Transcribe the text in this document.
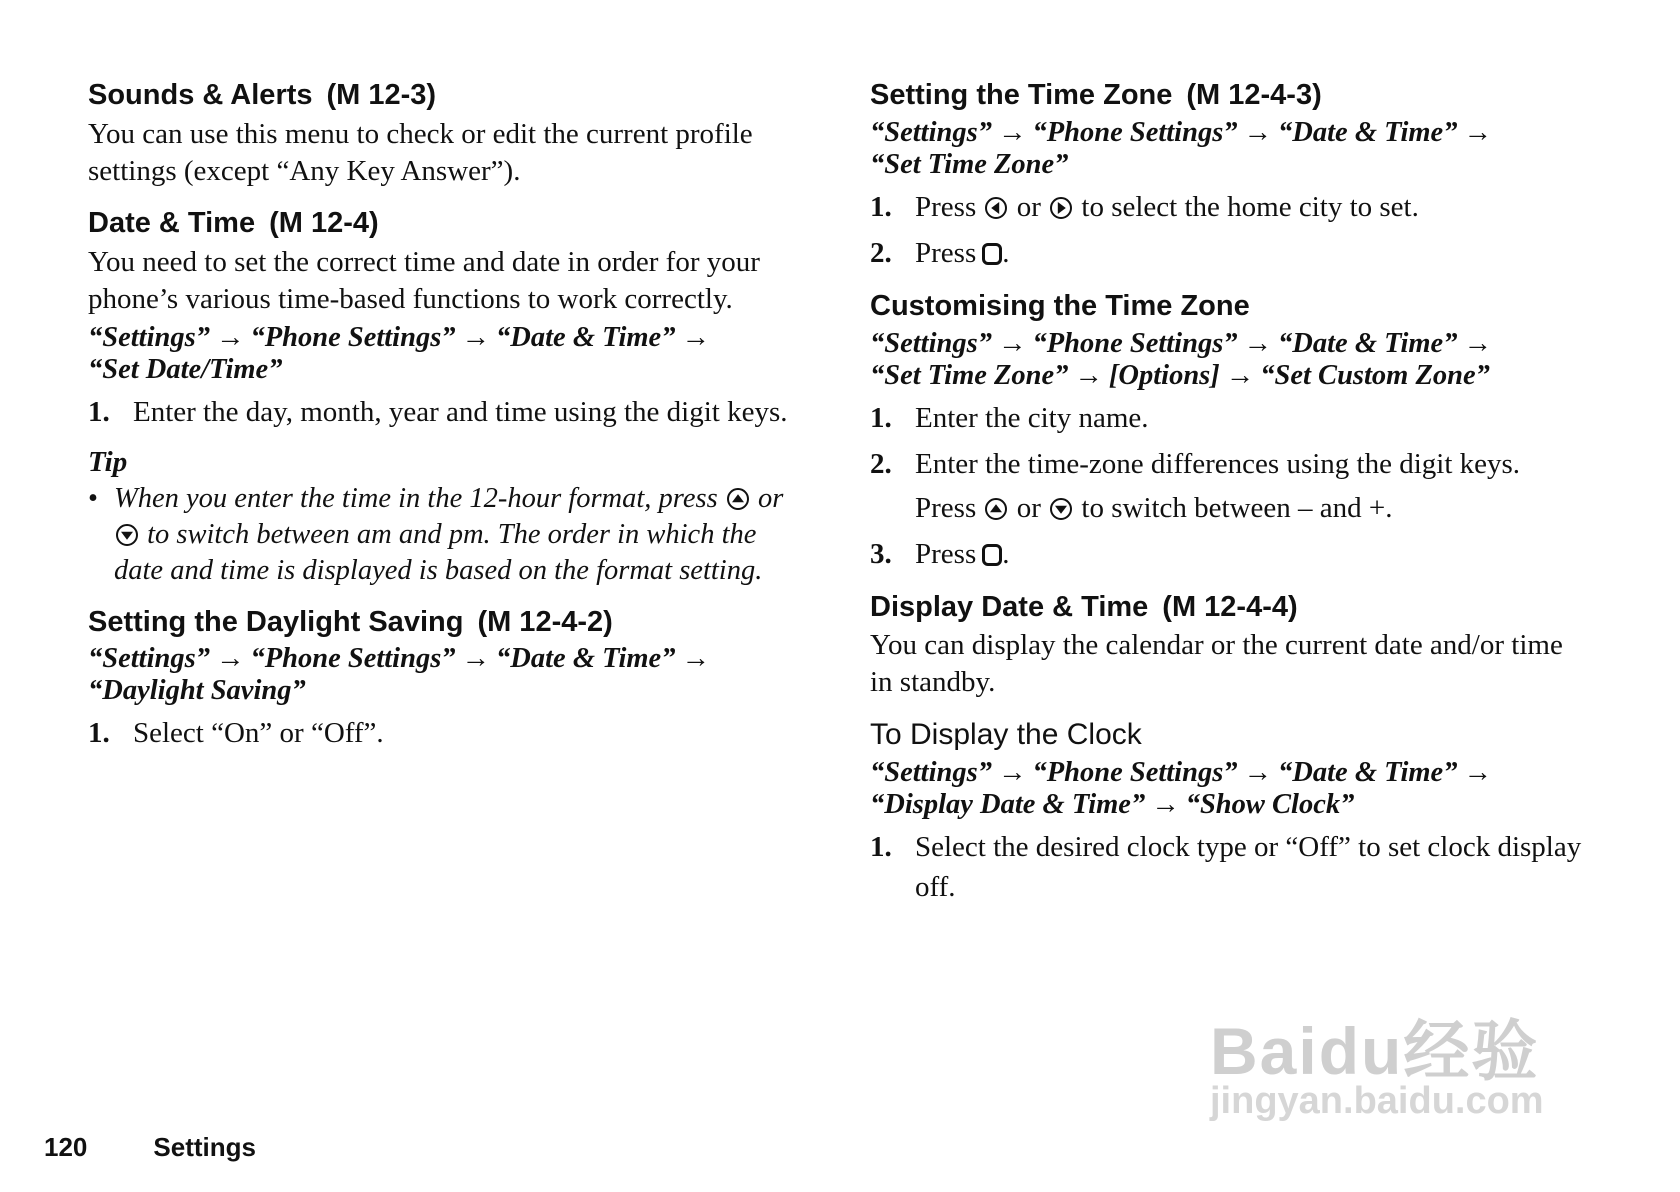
Sounds & Alerts (M 12-3)

You can use this menu to check or edit the current profile settings (except “Any Key Answer”).

Date & Time (M 12-4)

You need to set the correct time and date in order for your phone’s various time-based functions to work correctly.

“Settings” → “Phone Settings” → “Date & Time” →
“Set Date/Time”
1. Enter the day, month, year and time using the digit keys.
Tip
• When you enter the time in the 12-hour format, press or  to switch between am and pm. The order in which the date and time is displayed is based on the format setting.
Setting the Daylight Saving (M 12-4-2)
“Settings” → “Phone Settings” → “Date & Time” →
“Daylight Saving”
1. Select “On” or “Off”.
Setting the Time Zone (M 12-4-3)
“Settings” → “Phone Settings” → “Date & Time” →
“Set Time Zone”
1. Press or to select the home city to set.
2. Press .
Customising the Time Zone
“Settings” → “Phone Settings” → “Date & Time” →
“Set Time Zone” → [Options] → “Set Custom Zone”
1. Enter the city name.
2. Enter the time-zone differences using the digit keys.
Press or to switch between – and +.
3. Press .
Display Date & Time (M 12-4-4)

You can display the calendar or the current date and/or time in standby.

To Display the Clock
“Settings” → “Phone Settings” → “Date & Time” →
“Display Date & Time” → “Show Clock”
1. Select the desired clock type or “Off” to set clock display off.
120	Settings
Baidu经验
jingyan.baidu.com
